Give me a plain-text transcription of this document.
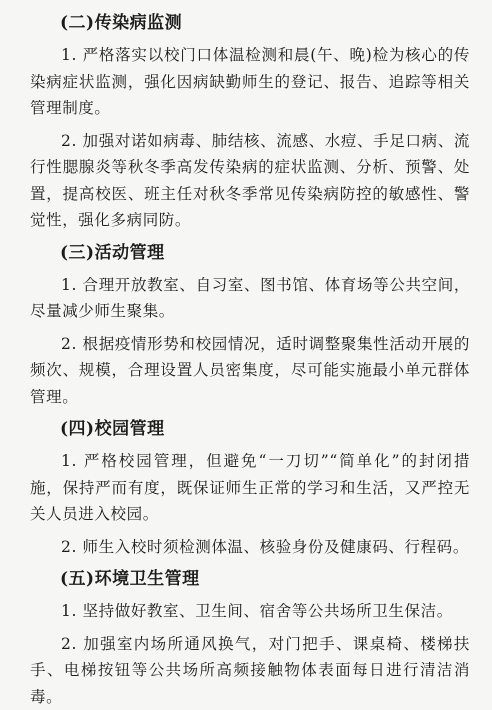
(二)传染病监测

1. 严格落实以校门口体温检测和晨(午、晚)检为核心的传染病症状监测，强化因病缺勤师生的登记、报告、追踪等相关管理制度。

2. 加强对诺如病毒、肺结核、流感、水痘、手足口病、流行性腮腺炎等秋冬季高发传染病的症状监测、分析、预警、处置，提高校医、班主任对秋冬季常见传染病防控的敏感性、警觉性，强化多病同防。

(三)活动管理

1. 合理开放教室、自习室、图书馆、体育场等公共空间，尽量减少师生聚集。

2. 根据疫情形势和校园情况，适时调整聚集性活动开展的频次、规模，合理设置人员密集度，尽可能实施最小单元群体管理。

(四)校园管理

1. 严格校园管理，但避免“一刀切”“简单化”的封闭措施，保持严而有度，既保证师生正常的学习和生活，又严控无关人员进入校园。

2. 师生入校时须检测体温、核验身份及健康码、行程码。

(五)环境卫生管理

1. 坚持做好教室、卫生间、宿舍等公共场所卫生保洁。

2. 加强室内场所通风换气，对门把手、课桌椅、楼梯扶手、电梯按钮等公共场所高频接触物体表面每日进行清洁消毒。
